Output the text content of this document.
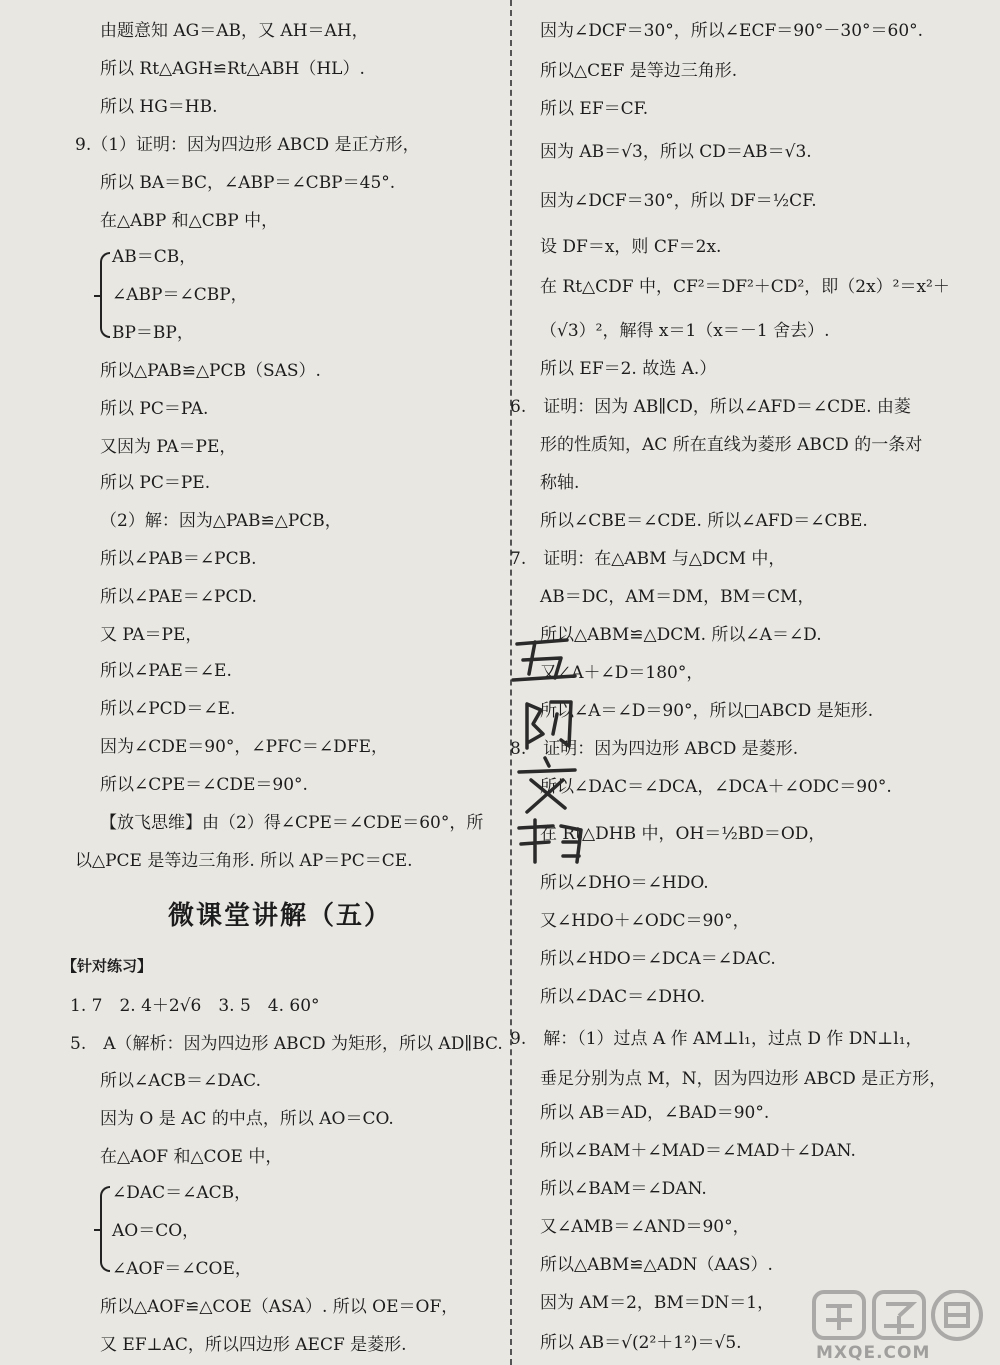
由题意知 AG＝AB，又 AH＝AH，
所以 Rt△AGH≌Rt△ABH（HL）.
所以 HG＝HB.
9.（1）证明：因为四边形 ABCD 是正方形，
所以 BA＝BC，∠ABP＝∠CBP＝45°.
在△ABP 和△CBP 中，
AB＝CB，
∠ABP＝∠CBP，
BP＝BP，
所以△PAB≌△PCB（SAS）.
所以 PC＝PA.
又因为 PA＝PE，
所以 PC＝PE.
（2）解：因为△PAB≌△PCB，
所以∠PAB＝∠PCB.
所以∠PAE＝∠PCD.
又 PA＝PE，
所以∠PAE＝∠E.
所以∠PCD＝∠E.
因为∠CDE＝90°，∠PFC＝∠DFE，
所以∠CPE＝∠CDE＝90°.
【放飞思维】由（2）得∠CPE＝∠CDE＝60°，所
以△PCE 是等边三角形. 所以 AP＝PC＝CE.
微课堂讲解（五）
【针对练习】
1. 7　2. 4＋2√6　3. 5　4. 60°
5.　A（解析：因为四边形 ABCD 为矩形，所以 AD∥BC.
所以∠ACB＝∠DAC.
因为 O 是 AC 的中点，所以 AO＝CO.
在△AOF 和△COE 中，
∠DAC＝∠ACB，
AO＝CO，
∠AOF＝∠COE，
所以△AOF≌△COE（ASA）. 所以 OE＝OF，
又 EF⊥AC，所以四边形 AECF 是菱形.
因为∠DCF＝30°，所以∠ECF＝90°－30°＝60°.
所以△CEF 是等边三角形.
所以 EF＝CF.
因为 AB＝√3，所以 CD＝AB＝√3.
因为∠DCF＝30°，所以 DF＝½CF.
设 DF＝x，则 CF＝2x.
在 Rt△CDF 中，CF²＝DF²＋CD²，即（2x）²＝x²＋
（√3）²，解得 x＝1（x＝－1 舍去）.
所以 EF＝2. 故选 A.）
6.　证明：因为 AB∥CD，所以∠AFD＝∠CDE. 由菱
形的性质知，AC 所在直线为菱形 ABCD 的一条对
称轴.
所以∠CBE＝∠CDE. 所以∠AFD＝∠CBE.
7.　证明：在△ABM 与△DCM 中，
AB＝DC，AM＝DM，BM＝CM，
所以△ABM≌△DCM. 所以∠A＝∠D.
又∠A＋∠D＝180°，
所以∠A＝∠D＝90°，所以□ABCD 是矩形.
8.　证明：因为四边形 ABCD 是菱形.
所以∠DAC＝∠DCA，∠DCA＋∠ODC＝90°.
在 Rt△DHB 中，OH＝½BD＝OD，
所以∠DHO＝∠HDO.
又∠HDO＋∠ODC＝90°，
所以∠HDO＝∠DCA＝∠DAC.
所以∠DAC＝∠DHO.
9.　解：（1）过点 A 作 AM⊥l₁，过点 D 作 DN⊥l₁，
垂足分别为点 M，N，因为四边形 ABCD 是正方形，
所以 AB＝AD，∠BAD＝90°.
所以∠BAM＋∠MAD＝∠MAD＋∠DAN.
所以∠BAM＝∠DAN.
又∠AMB＝∠AND＝90°，
所以△ABM≌△ADN（AAS）.
因为 AM＝2，BM＝DN＝1，
所以 AB＝√(2²＋1²)＝√5.	MXQE.COM
